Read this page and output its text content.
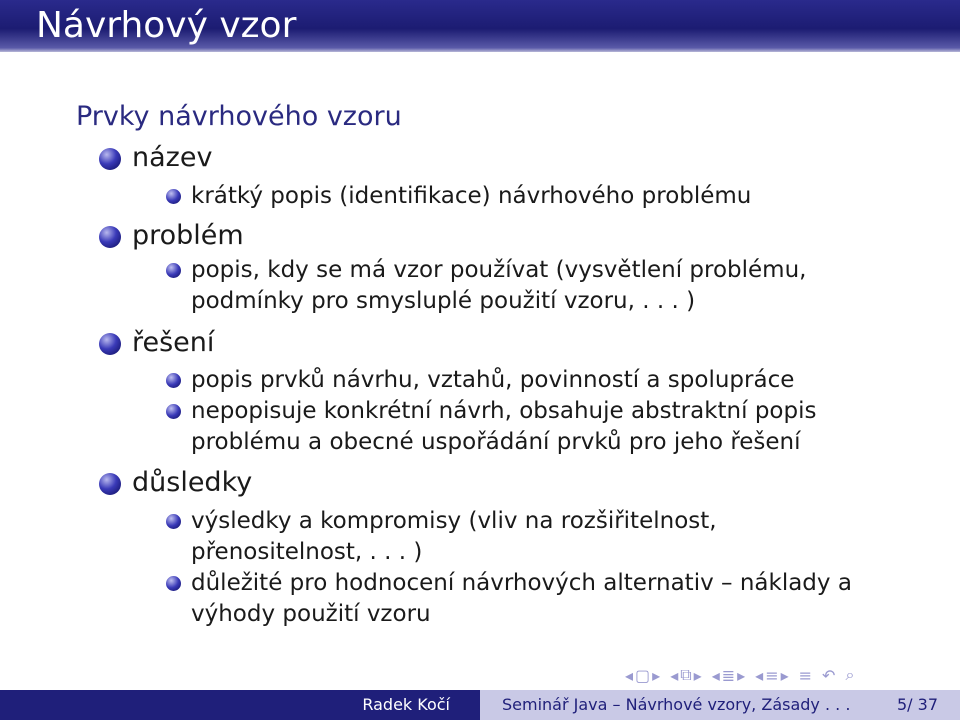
Návrhový vzor
Prvky návrhového vzoru
název
krátký popis (identifikace) návrhového problému
problém
popis, kdy se má vzor používat (vysvětlení problému,
podmínky pro smysluplé použití vzoru, . . . )
řešení
popis prvků návrhu, vztahů, povinností a spolupráce
nepopisuje konkrétní návrh, obsahuje abstraktní popis
problému a obecné uspořádání prvků pro jeho řešení
důsledky
výsledky a kompromisy (vliv na rozšiřitelnost,
přenositelnost, . . . )
důležité pro hodnocení návrhových alternativ – náklady a
výhody použití vzoru
◂ ▢ ▸ ◂ ⧉ ▸ ◂ ≣ ▸ ◂ ≡ ▸ ≡ ↶ ⌕
Radek Kočí	Seminář Java – Návrhové vzory, Zásady . . .	5/ 37
